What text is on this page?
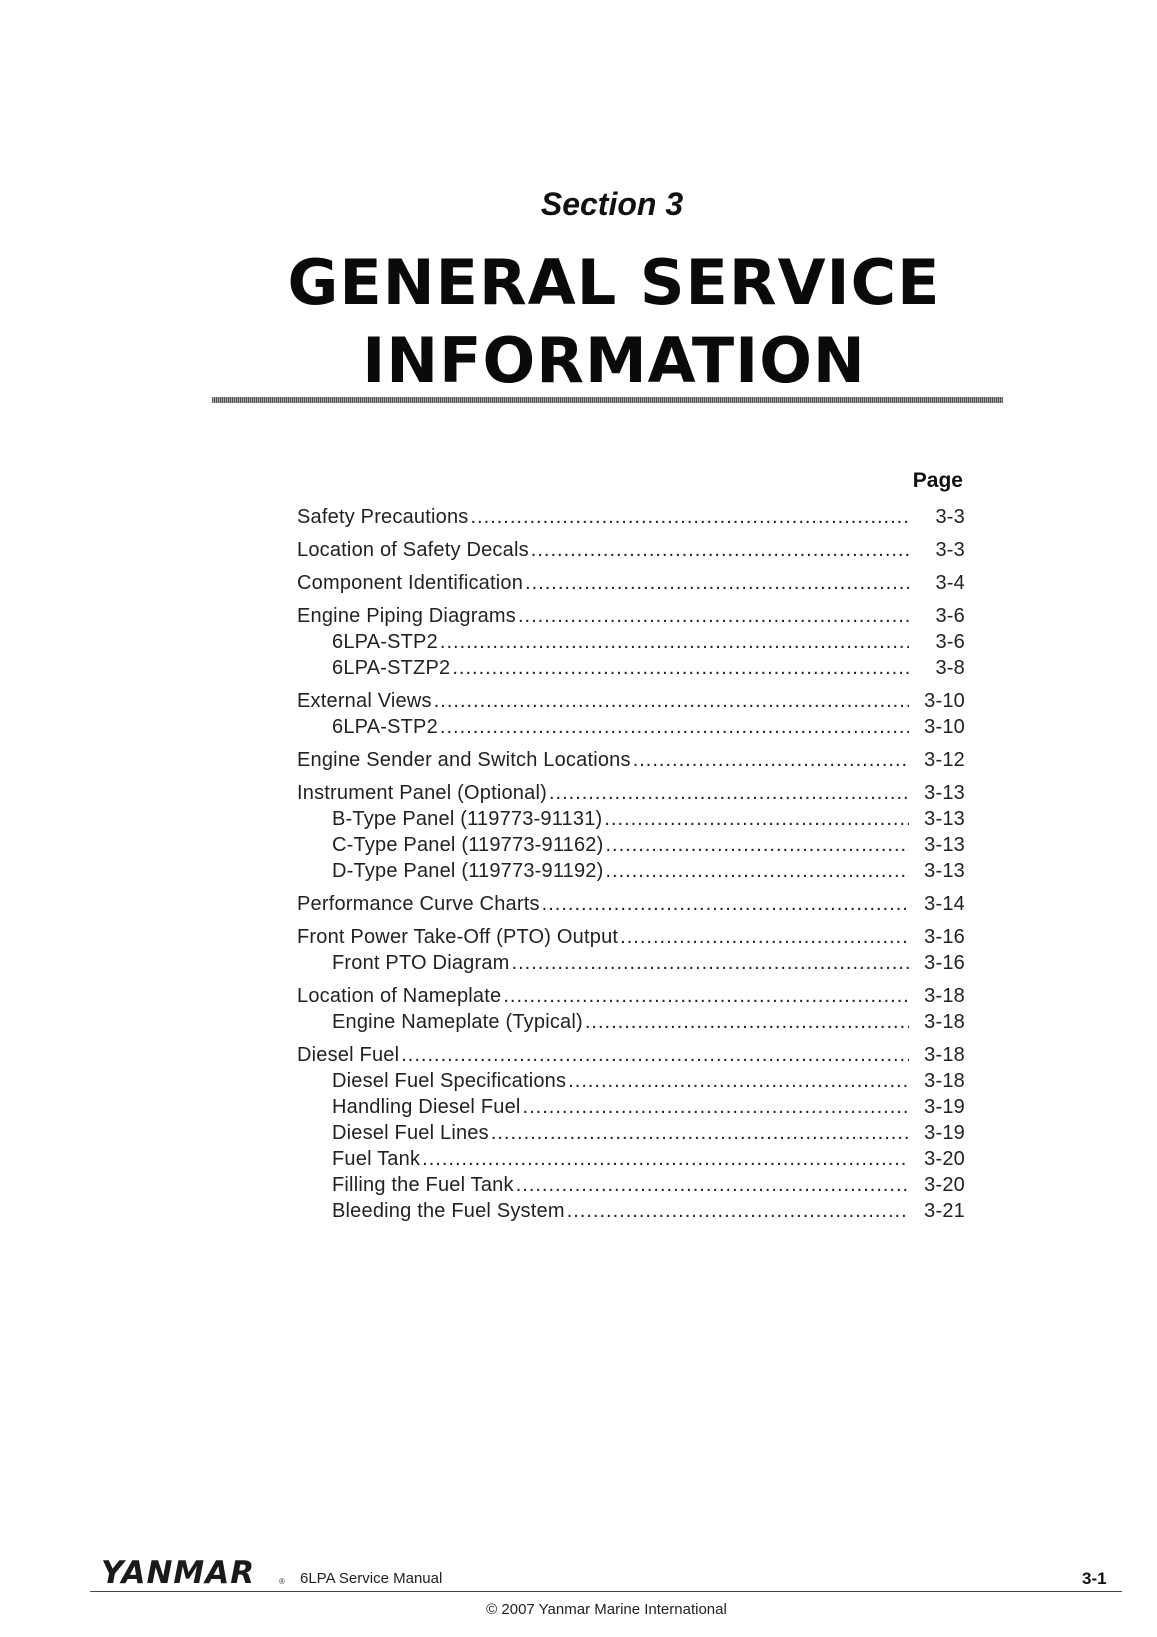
Section 3
GENERAL SERVICE
INFORMATION
Page
Safety Precautions .....	3-3
Location of Safety Decals .....	3-3
Component Identification .....	3-4
Engine Piping Diagrams .....	3-6
6LPA-STP2 .....	3-6
6LPA-STZP2 .....	3-8
External Views .....	3-10
6LPA-STP2 .....	3-10
Engine Sender and Switch Locations .....	3-12
Instrument Panel (Optional) .....	3-13
B-Type Panel (119773-91131) .....	3-13
C-Type Panel (119773-91162) .....	3-13
D-Type Panel (119773-91192) .....	3-13
Performance Curve Charts .....	3-14
Front Power Take-Off (PTO) Output .....	3-16
Front PTO Diagram .....	3-16
Location of Nameplate .....	3-18
Engine Nameplate (Typical) .....	3-18
Diesel Fuel .....	3-18
Diesel Fuel Specifications .....	3-18
Handling Diesel Fuel .....	3-19
Diesel Fuel Lines .....	3-19
Fuel Tank .....	3-20
Filling the Fuel Tank .....	3-20
Bleeding the Fuel System .....	3-21
YANMAR	® 6LPA Service Manual	3-1
© 2007 Yanmar Marine International
